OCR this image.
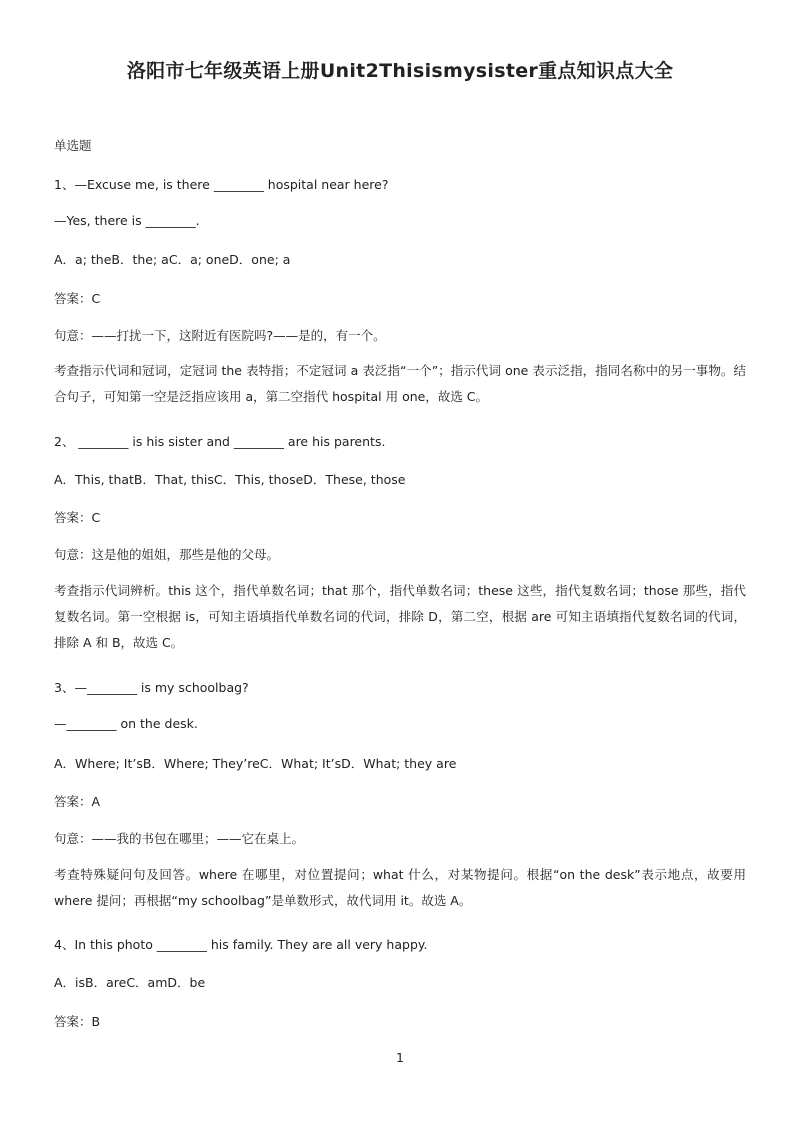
洛阳市七年级英语上册Unit2Thisismysister重点知识点大全
单选题
1、—Excuse me, is there ________ hospital near here?
—Yes, there is ________.
A．a; theB．the; aC．a; oneD．one; a
答案：C
句意：——打扰一下，这附近有医院吗?——是的，有一个。
考查指示代词和冠词，定冠词 the 表特指；不定冠词 a 表泛指“一个”；指示代词 one 表示泛指，指同名称中的另一事物。结合句子，可知第一空是泛指应该用 a，第二空指代 hospital 用 one，故选 C。
2、 ________ is his sister and ________ are his parents.
A．This, thatB．That, thisC．This, thoseD．These, those
答案：C
句意：这是他的姐姐，那些是他的父母。
考查指示代词辨析。this 这个，指代单数名词；that 那个，指代单数名词；these 这些，指代复数名词；those 那些，指代复数名词。第一空根据 is，可知主语填指代单数名词的代词，排除 D，第二空，根据 are 可知主语填指代复数名词的代词，排除 A 和 B，故选 C。
3、—________ is my schoolbag?
—________ on the desk.
A．Where; It’sB．Where; They’reC．What; It’sD．What; they are
答案：A
句意：——我的书包在哪里；——它在桌上。
考查特殊疑问句及回答。where 在哪里，对位置提问；what 什么，对某物提问。根据“on the desk”表示地点，故要用 where 提问；再根据“my schoolbag”是单数形式，故代词用 it。故选 A。
4、In this photo ________ his family. They are all very happy.
A．isB．areC．amD．be
答案：B
1
